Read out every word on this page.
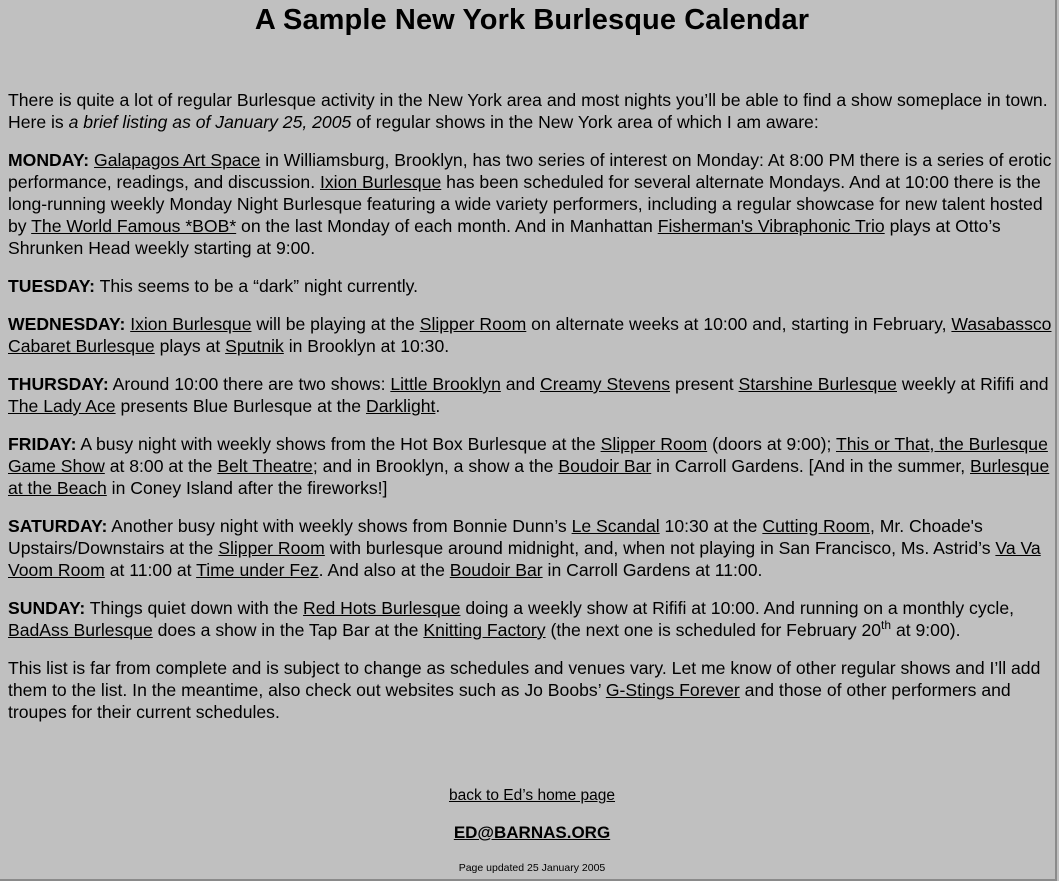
A Sample New York Burlesque Calendar

There is quite a lot of regular Burlesque activity in the New York area and most nights you’ll be able to find a show someplace in town. Here is a brief listing as of January 25, 2005 of regular shows in the New York area of which I am aware:

MONDAY: Galapagos Art Space in Williamsburg, Brooklyn, has two series of interest on Monday: At 8:00 PM there is a series of erotic performance, readings, and discussion. Ixion Burlesque has been scheduled for several alternate Mondays. And at 10:00 there is the long-running weekly Monday Night Burlesque featuring a wide variety performers, including a regular showcase for new talent hosted by The World Famous *BOB* on the last Monday of each month. And in Manhattan Fisherman's Vibraphonic Trio plays at Otto’s Shrunken Head weekly starting at 9:00.

TUESDAY: This seems to be a “dark” night currently.

WEDNESDAY: Ixion Burlesque will be playing at the Slipper Room on alternate weeks at 10:00 and, starting in February, Wasabassco Cabaret Burlesque plays at Sputnik in Brooklyn at 10:30.

THURSDAY: Around 10:00 there are two shows: Little Brooklyn and Creamy Stevens present Starshine Burlesque weekly at Rififi and The Lady Ace presents Blue Burlesque at the Darklight.

FRIDAY: A busy night with weekly shows from the Hot Box Burlesque at the Slipper Room (doors at 9:00); This or That, the Burlesque Game Show at 8:00 at the Belt Theatre; and in Brooklyn, a show a the Boudoir Bar in Carroll Gardens. [And in the summer, Burlesque at the Beach in Coney Island after the fireworks!]

SATURDAY: Another busy night with weekly shows from Bonnie Dunn’s Le Scandal 10:30 at the Cutting Room, Mr. Choade's Upstairs/Downstairs at the Slipper Room with burlesque around midnight, and, when not playing in San Francisco, Ms. Astrid’s Va Va Voom Room at 11:00 at Time under Fez. And also at the Boudoir Bar in Carroll Gardens at 11:00.

SUNDAY: Things quiet down with the Red Hots Burlesque doing a weekly show at Rififi at 10:00. And running on a monthly cycle, BadAss Burlesque does a show in the Tap Bar at the Knitting Factory (the next one is scheduled for February 20th at 9:00).

This list is far from complete and is subject to change as schedules and venues vary. Let me know of other regular shows and I’ll add them to the list. In the meantime, also check out websites such as Jo Boobs’ G-Stings Forever and those of other performers and troupes for their current schedules.

back to Ed’s home page
ED@BARNAS.ORG
Page updated 25 January 2005
